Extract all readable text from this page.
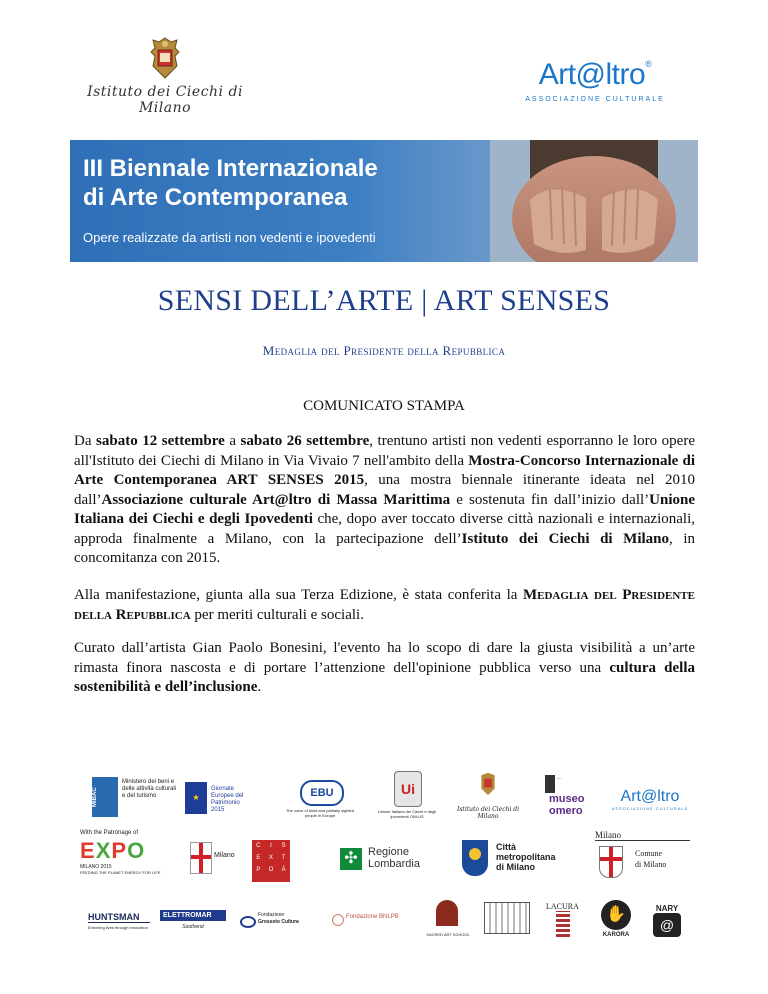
Istituto dei Ciechi di Milano
Art@ltro®
ASSOCIAZIONE CULTURALE
III Biennale Internazionale
di Arte Contemporanea
Opere realizzate da artisti non vedenti e ipovedenti
SENSI DELL’ARTE | ART SENSES
Medaglia del Presidente della Repubblica
COMUNICATO STAMPA
Da sabato 12 settembre a sabato 26 settembre, trentuno artisti non vedenti esporranno le loro opere all'Istituto dei Ciechi di Milano in Via Vivaio 7 nell'ambito della Mostra-Concorso Internazionale di Arte Contemporanea ART SENSES 2015, una mostra biennale itinerante ideata nel 2010 dall’Associazione culturale Art@ltro di Massa Marittima e sostenuta fin dall’inizio dall’Unione Italiana dei Ciechi e degli Ipovedenti che, dopo aver toccato diverse città nazionali e internazionali, approda finalmente a Milano, con la partecipazione dell’Istituto dei Ciechi di Milano, in concomitanza con 2015.
Alla manifestazione, giunta alla sua Terza Edizione, è stata conferita la Medaglia del Presidente della Repubblica per meriti culturali e sociali.
Curato dall’artista Gian Paolo Bonesini, l'evento ha lo scopo di dare la giusta visibilità a un’arte rimasta finora nascosta e di portare l’attenzione dell'opinione pubblica verso una cultura della sostenibilità e dell’inclusione.
MiBAC
Ministero dei beni e delle attività culturali e del turismo	★
Giornate Europee del Patrimonio 2015
EBU
The voice of blind and partially sighted people in Europe
Ui
Unione Italiana dei Ciechi e degli Ipovedenti ONLUS
Istituto dei Ciechi di Milano
—
museo omero
Art@ltro
ASSOCIAZIONE CULTURALE
With the Patronage of
EXPO
MILANO 2015
FEEDING THE PLANET ENERGY FOR LIFE
Milano
C	I	S
E	X	T
P	O	Á
✣ Regione
Lombardia
Città
metropolitana
di Milano
Milano
Comune
di Milano
HUNTSMAN
Enriching lives through innovation
ELETTROMAR
Southend
Fondazione
Grosseto Cultura
Fondazione BNLPB
SACRED ART SCHOOL
LACURA	✋
KARORA
NARY
@
